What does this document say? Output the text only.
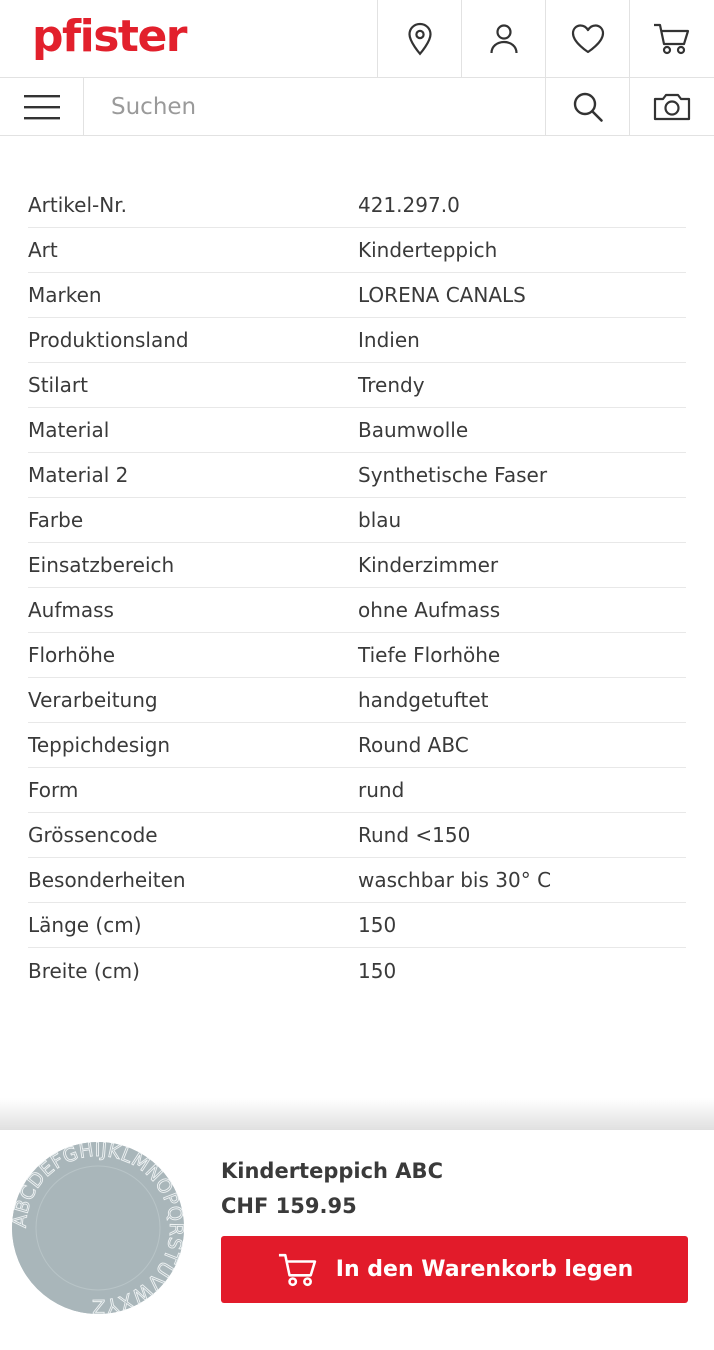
pfister
Suchen
Artikel-Nr.	421.297.0
Art	Kinderteppich
Marken	LORENA CANALS
Produktionsland	Indien
Stilart	Trendy
Material	Baumwolle
Material 2	Synthetische Faser
Farbe	blau
Einsatzbereich	Kinderzimmer
Aufmass	ohne Aufmass
Florhöhe	Tiefe Florhöhe
Verarbeitung	handgetuftet
Teppichdesign	Round ABC
Form	rund
Grössencode	Rund <150
Besonderheiten	waschbar bis 30° C
Länge (cm)	150
Breite (cm)	150
BCDEFGHIJKLMNOP TUVWXYZ
Kinderteppich ABC
CHF 159.95
In den Warenkorb legen
